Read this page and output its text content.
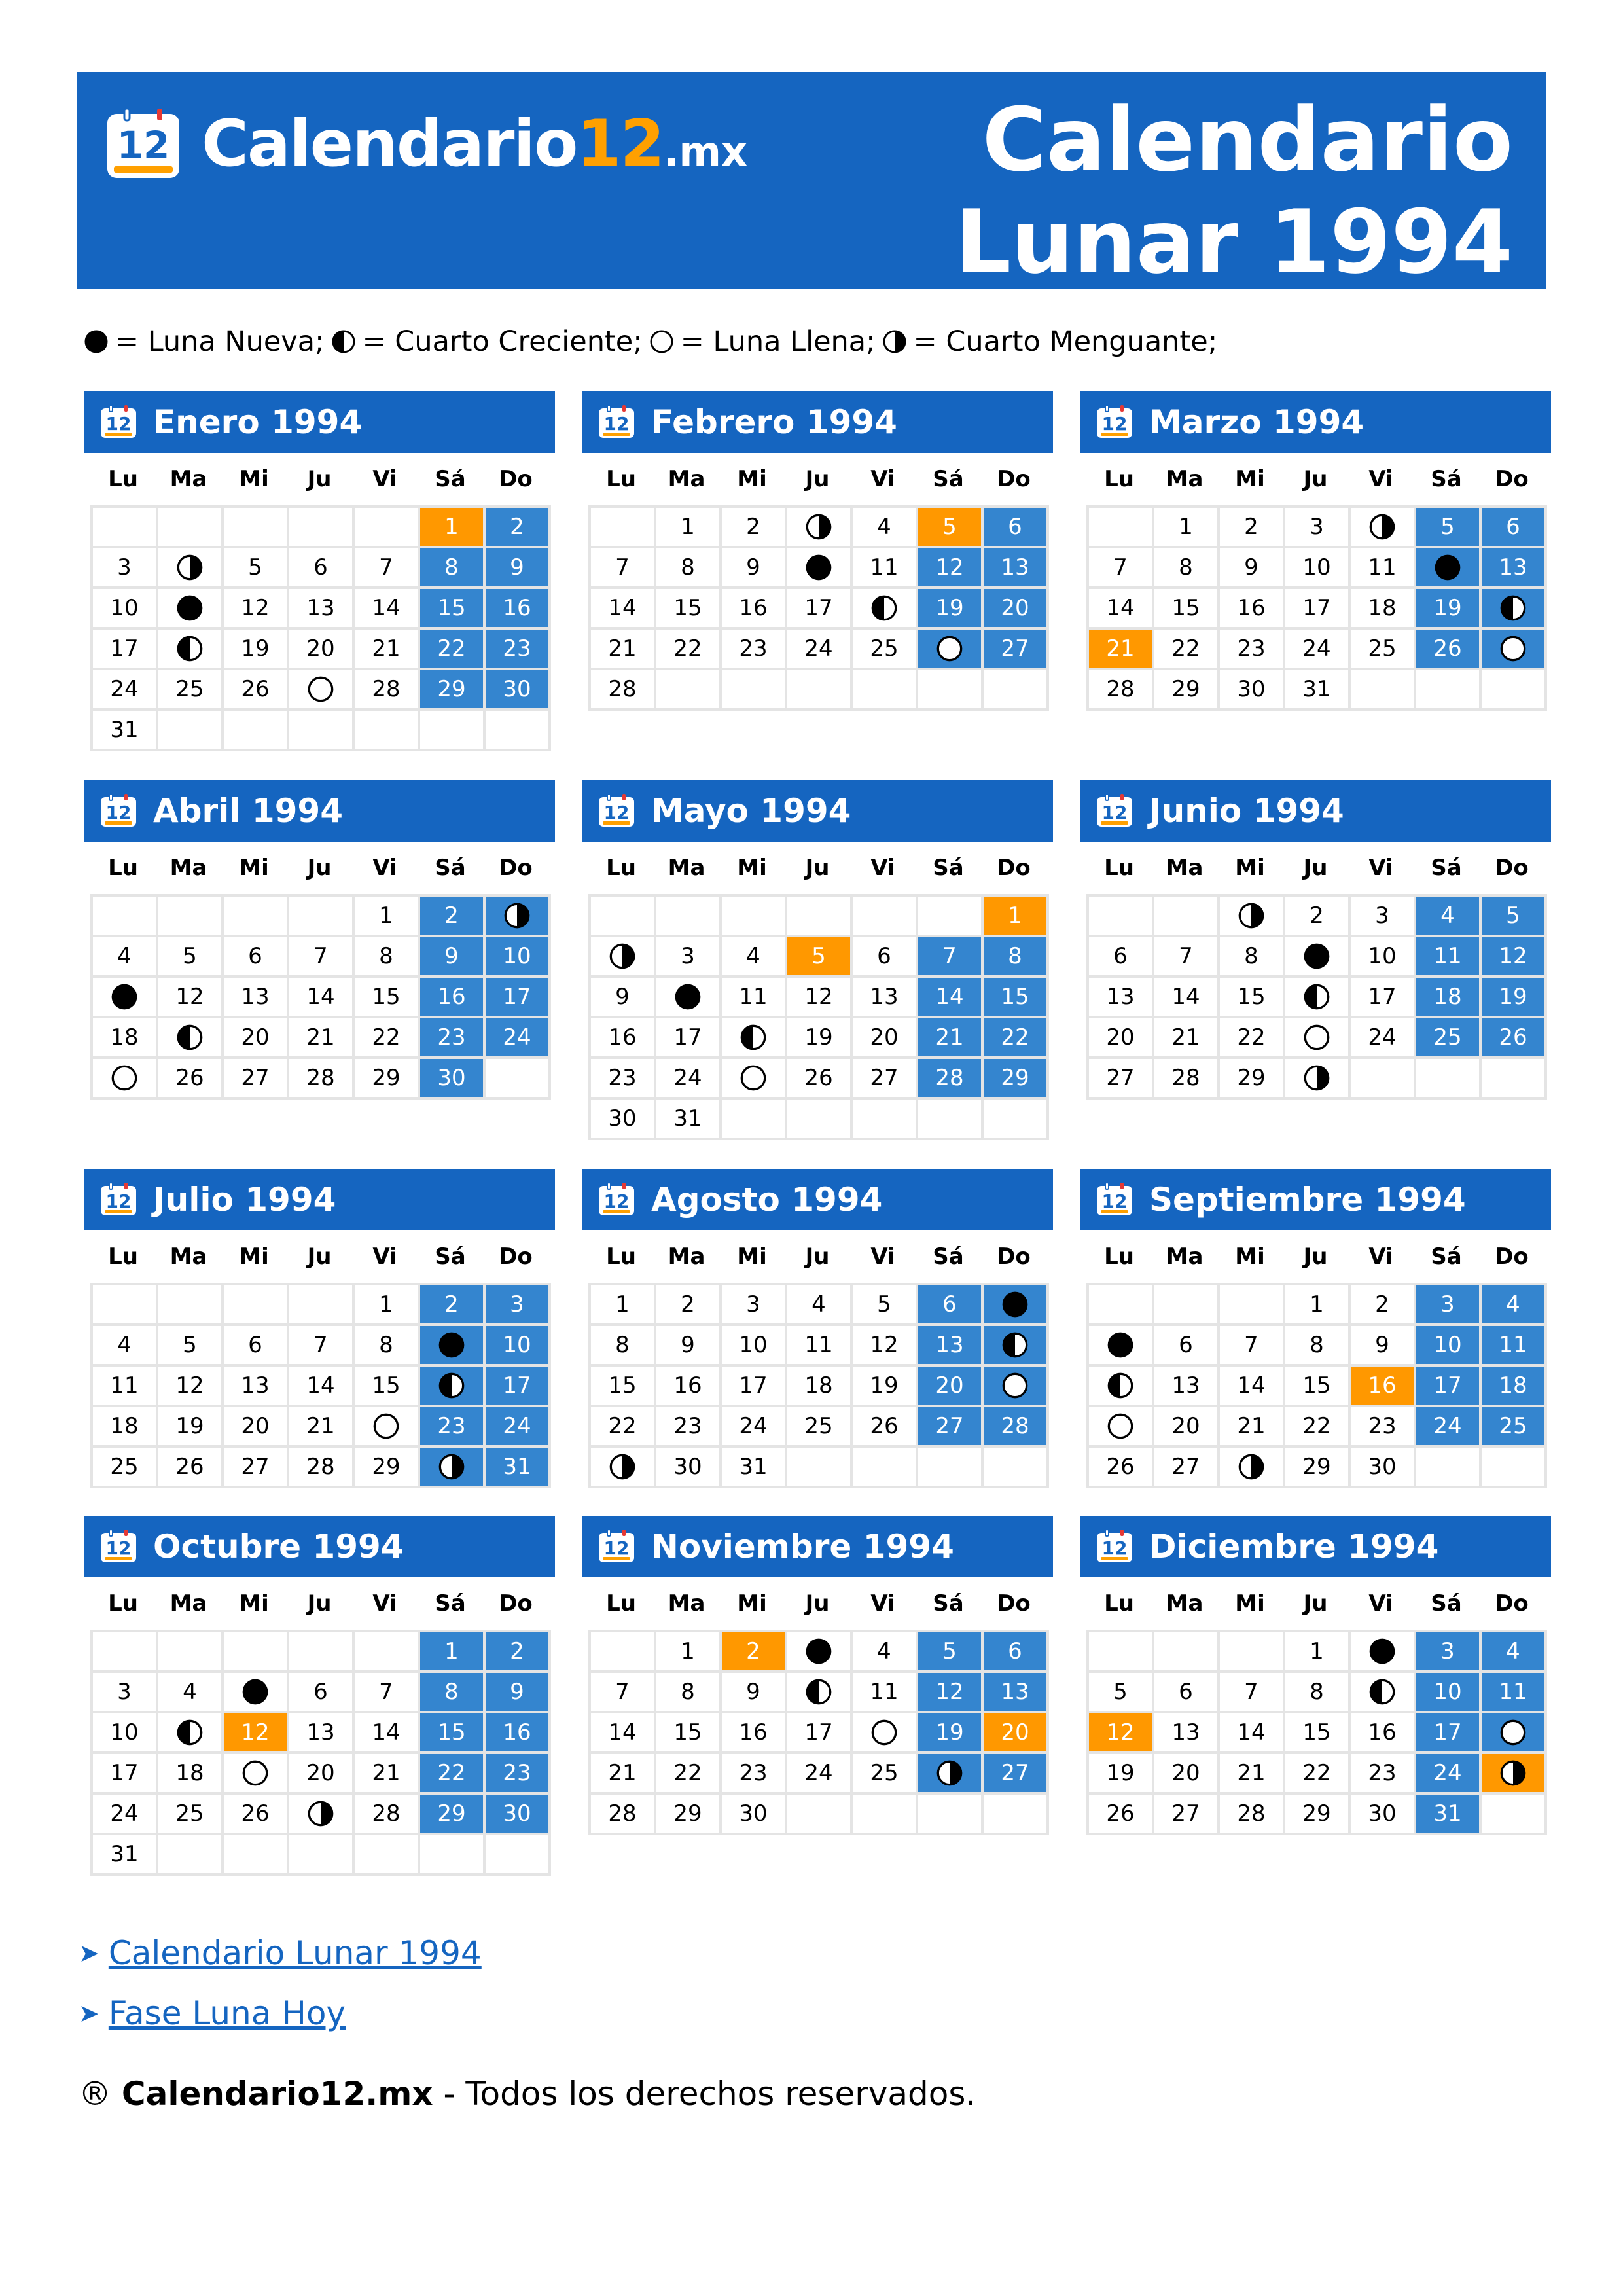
12 Calendario12.mx	Calendario
Lunar 1994
= Luna Nueva; = Cuarto Creciente; = Luna Llena; = Cuarto Menguante;
12 Enero 1994
Lu	Ma	Mi	Ju	Vi	Sá	Do
					1	2
3		5	6	7	8	9
10		12	13	14	15	16
17		19	20	21	22	23
24	25	26		28	29	30
31						
12 Febrero 1994
Lu	Ma	Mi	Ju	Vi	Sá	Do
	1	2		4	5	6
7	8	9		11	12	13
14	15	16	17		19	20
21	22	23	24	25		27
28						
12 Marzo 1994
Lu	Ma	Mi	Ju	Vi	Sá	Do
	1	2	3		5	6
7	8	9	10	11		13
14	15	16	17	18	19	
21	22	23	24	25	26	
28	29	30	31			
12 Abril 1994
Lu	Ma	Mi	Ju	Vi	Sá	Do
				1	2	
4	5	6	7	8	9	10
	12	13	14	15	16	17
18		20	21	22	23	24
	26	27	28	29	30	
12 Mayo 1994
Lu	Ma	Mi	Ju	Vi	Sá	Do
						1
	3	4	5	6	7	8
9		11	12	13	14	15
16	17		19	20	21	22
23	24		26	27	28	29
30	31					
12 Junio 1994
Lu	Ma	Mi	Ju	Vi	Sá	Do
			2	3	4	5
6	7	8		10	11	12
13	14	15		17	18	19
20	21	22		24	25	26
27	28	29				
12 Julio 1994
Lu	Ma	Mi	Ju	Vi	Sá	Do
				1	2	3
4	5	6	7	8		10
11	12	13	14	15		17
18	19	20	21		23	24
25	26	27	28	29		31
12 Agosto 1994
Lu	Ma	Mi	Ju	Vi	Sá	Do
1	2	3	4	5	6	
8	9	10	11	12	13	
15	16	17	18	19	20	
22	23	24	25	26	27	28
	30	31				
12 Septiembre 1994
Lu	Ma	Mi	Ju	Vi	Sá	Do
			1	2	3	4
	6	7	8	9	10	11
	13	14	15	16	17	18
	20	21	22	23	24	25
26	27		29	30		
12 Octubre 1994
Lu	Ma	Mi	Ju	Vi	Sá	Do
					1	2
3	4		6	7	8	9
10		12	13	14	15	16
17	18		20	21	22	23
24	25	26		28	29	30
31						
12 Noviembre 1994
Lu	Ma	Mi	Ju	Vi	Sá	Do
	1	2		4	5	6
7	8	9		11	12	13
14	15	16	17		19	20
21	22	23	24	25		27
28	29	30				
12 Diciembre 1994
Lu	Ma	Mi	Ju	Vi	Sá	Do
			1		3	4
5	6	7	8		10	11
12	13	14	15	16	17	
19	20	21	22	23	24	
26	27	28	29	30	31	
➤ Calendario Lunar 1994
➤ Fase Luna Hoy
® Calendario12.mx - Todos los derechos reservados.
